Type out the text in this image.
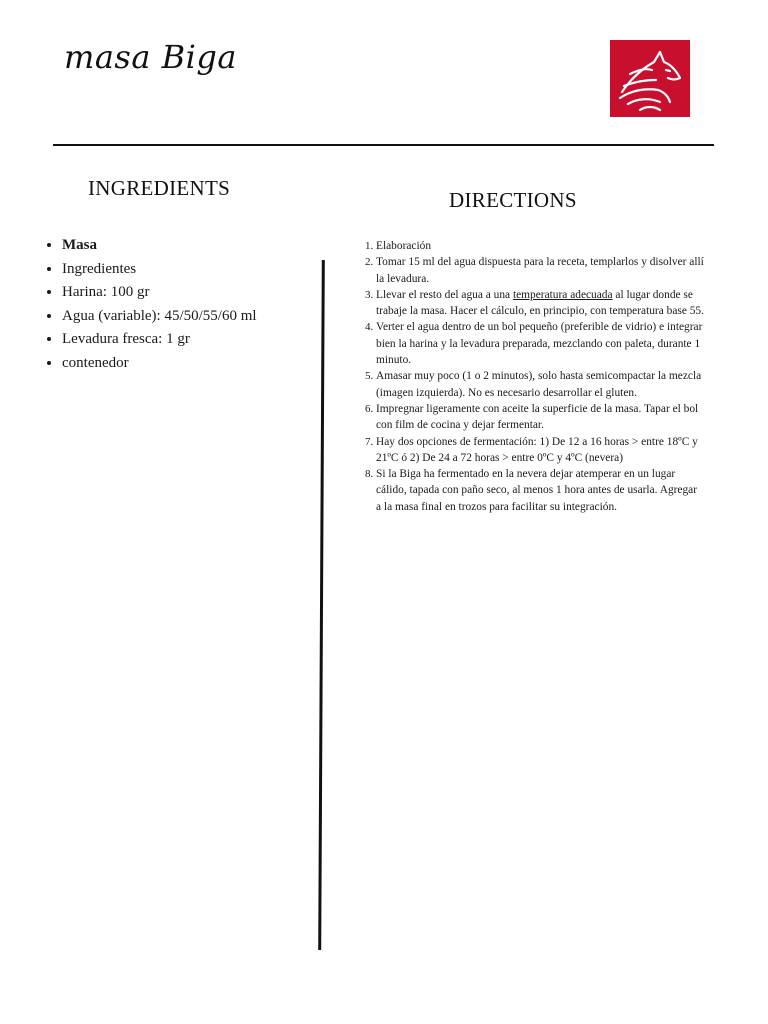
masa Biga
INGREDIENTS	DIRECTIONS
• Masa
• Ingredientes
• Harina: 100 gr
• Agua (variable): 45/50/55/60 ml
• Levadura fresca: 1 gr
• contenedor
1. Elaboración
2. Tomar 15 ml del agua dispuesta para la receta, templarlos y disolver allí la levadura.
3. Llevar el resto del agua a una temperatura adecuada al lugar donde se trabaje la masa. Hacer el cálculo, en principio, con temperatura base 55.
4. Verter el agua dentro de un bol pequeño (preferible de vidrio) e integrar bien la harina y la levadura preparada, mezclando con paleta, durante 1 minuto.
5. Amasar muy poco (1 o 2 minutos), solo hasta semicompactar la mezcla (imagen izquierda). No es necesario desarrollar el gluten.
6. Impregnar ligeramente con aceite la superficie de la masa. Tapar el bol con film de cocina y dejar fermentar.
7. Hay dos opciones de fermentación: 1) De 12 a 16 horas > entre 18ºC y 21ºC ó 2) De 24 a 72 horas > entre 0ºC y 4ºC (nevera)
8. Si la Biga ha fermentado en la nevera dejar atemperar en un lugar cálido, tapada con paño seco, al menos 1 hora antes de usarla. Agregar a la masa final en trozos para facilitar su integración.
